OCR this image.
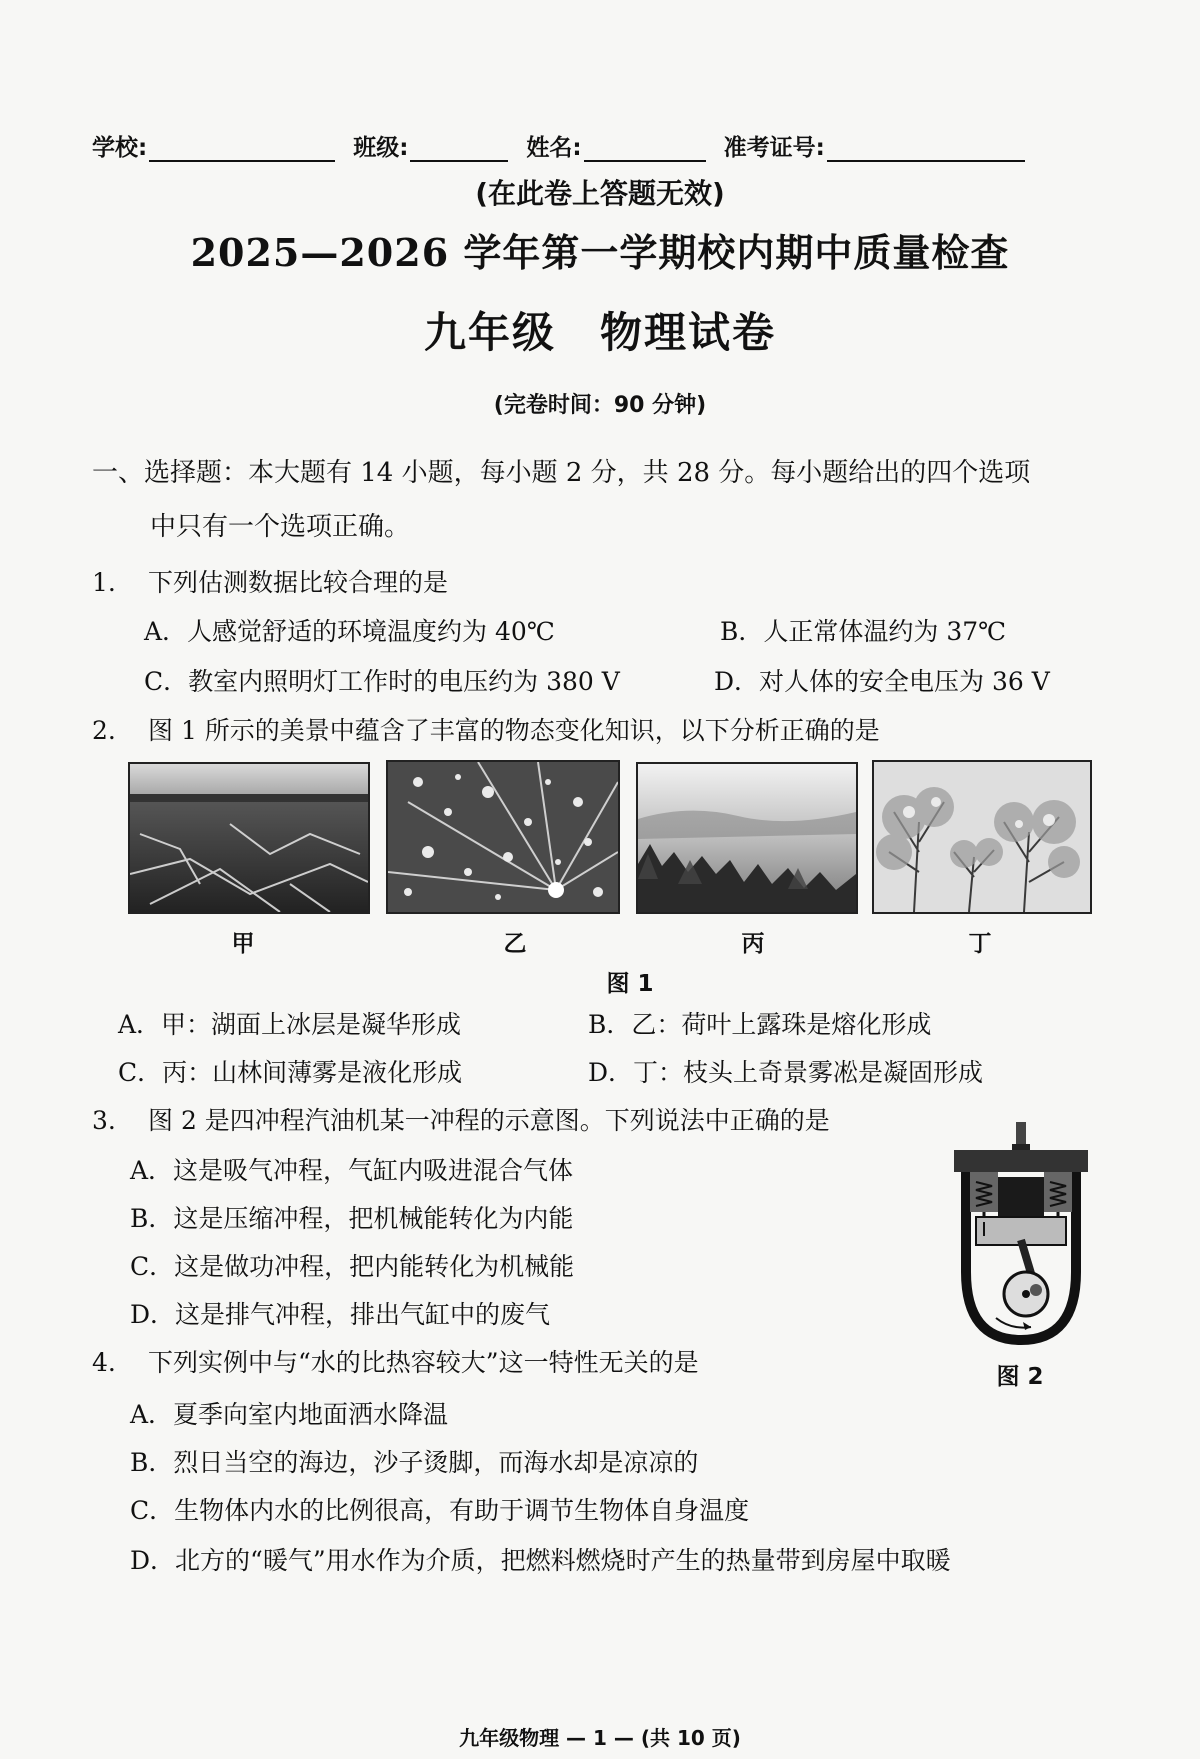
学校:	班级:	姓名:	准考证号:
(在此卷上答题无效)
2025—2026 学年第一学期校内期中质量检查
九年级 物理试卷
(完卷时间：90 分钟)
一、选择题：本大题有 14 小题，每小题 2 分，共 28 分。每小题给出的四个选项
中只有一个选项正确。
1. 下列估测数据比较合理的是
A．人感觉舒适的环境温度约为 40℃	B．人正常体温约为 37℃
C．教室内照明灯工作时的电压约为 380 V	D．对人体的安全电压为 36 V
2. 图 1 所示的美景中蕴含了丰富的物态变化知识，以下分析正确的是
甲	乙	丙	丁
图 1
A．甲：湖面上冰层是凝华形成	B．乙：荷叶上露珠是熔化形成
C．丙：山林间薄雾是液化形成	D．丁：枝头上奇景雾凇是凝固形成
3. 图 2 是四冲程汽油机某一冲程的示意图。下列说法中正确的是
A．这是吸气冲程，气缸内吸进混合气体
B．这是压缩冲程，把机械能转化为内能
C．这是做功冲程，把内能转化为机械能
D．这是排气冲程，排出气缸中的废气
图 2
4. 下列实例中与“水的比热容较大”这一特性无关的是
A．夏季向室内地面洒水降温
B．烈日当空的海边，沙子烫脚，而海水却是凉凉的
C．生物体内水的比例很高，有助于调节生物体自身温度
D．北方的“暖气”用水作为介质，把燃料燃烧时产生的热量带到房屋中取暖
九年级物理 — 1 — (共 10 页)
